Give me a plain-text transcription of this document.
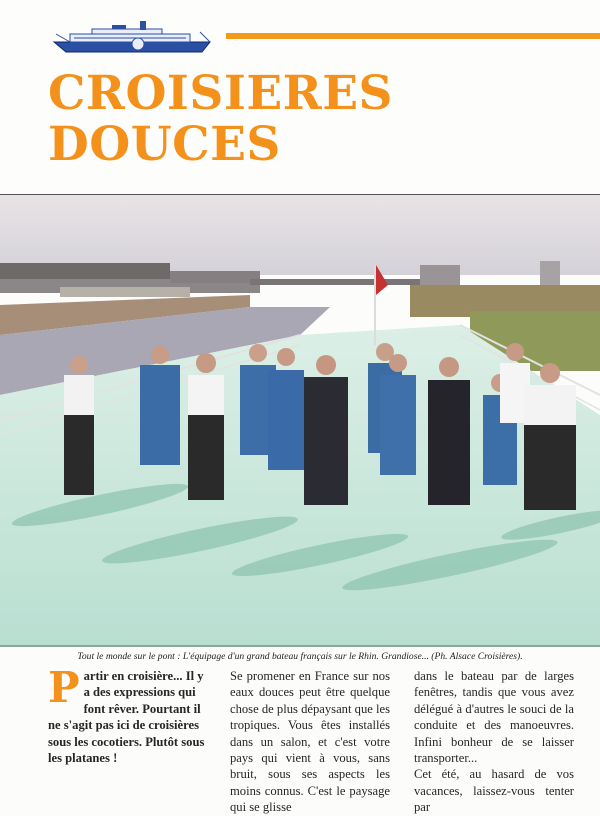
CROISIERES
DOUCES
Tout le monde sur le pont : L'équipage d'un grand bateau français sur le Rhin. Grandiose... (Ph. Alsace Croisières).
P artir en croisière... Il y a des expressions qui font rêver. Pourtant il ne s'agit pas ici de croisières sous les cocotiers. Plutôt sous les platanes !

Se promener en France sur nos eaux douces peut être quelque chose de plus dépaysant que les tropiques. Vous êtes installés dans un salon, et c'est votre pays qui vient à vous, sans bruit, sous ses aspects les moins connus. C'est le paysage qui se glisse

dans le bateau par de larges fenêtres, tandis que vous avez délégué à d'autres le souci de la conduite et des manoeuvres. Infini bonheur de se laisser transporter...

Cet été, au hasard de vos vacances, laissez-vous tenter par
